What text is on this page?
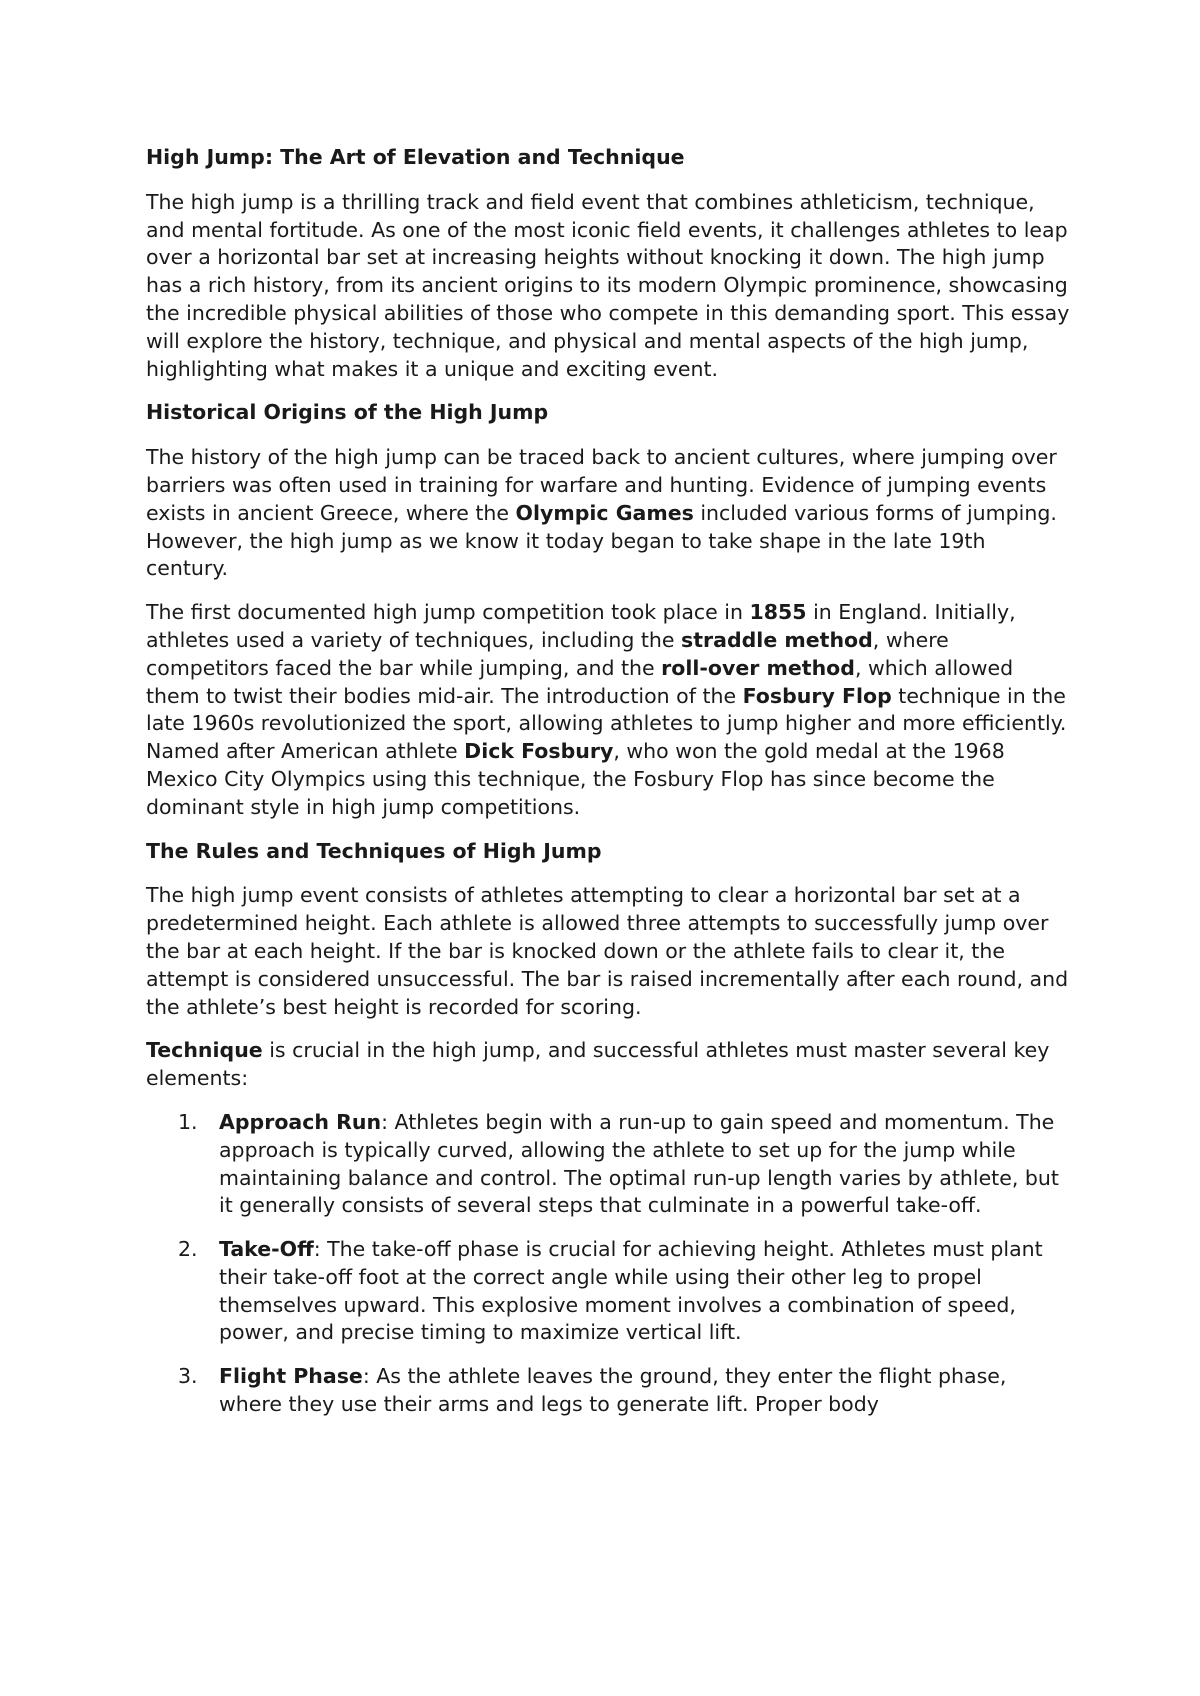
High Jump: The Art of Elevation and Technique

The high jump is a thrilling track and field event that combines athleticism, technique, and mental fortitude. As one of the most iconic field events, it challenges athletes to leap over a horizontal bar set at increasing heights without knocking it down. The high jump has a rich history, from its ancient origins to its modern Olympic prominence, showcasing the incredible physical abilities of those who compete in this demanding sport. This essay will explore the history, technique, and physical and mental aspects of the high jump, highlighting what makes it a unique and exciting event.

Historical Origins of the High Jump

The history of the high jump can be traced back to ancient cultures, where jumping over barriers was often used in training for warfare and hunting. Evidence of jumping events exists in ancient Greece, where the Olympic Games included various forms of jumping. However, the high jump as we know it today began to take shape in the late 19th century.

The first documented high jump competition took place in 1855 in England. Initially, athletes used a variety of techniques, including the straddle method, where competitors faced the bar while jumping, and the roll-over method, which allowed them to twist their bodies mid-air. The introduction of the Fosbury Flop technique in the late 1960s revolutionized the sport, allowing athletes to jump higher and more efficiently. Named after American athlete Dick Fosbury, who won the gold medal at the 1968 Mexico City Olympics using this technique, the Fosbury Flop has since become the dominant style in high jump competitions.

The Rules and Techniques of High Jump

The high jump event consists of athletes attempting to clear a horizontal bar set at a predetermined height. Each athlete is allowed three attempts to successfully jump over the bar at each height. If the bar is knocked down or the athlete fails to clear it, the attempt is considered unsuccessful. The bar is raised incrementally after each round, and the athlete’s best height is recorded for scoring.

Technique is crucial in the high jump, and successful athletes must master several key elements:

1. Approach Run: Athletes begin with a run-up to gain speed and momentum. The approach is typically curved, allowing the athlete to set up for the jump while maintaining balance and control. The optimal run-up length varies by athlete, but it generally consists of several steps that culminate in a powerful take-off.
2. Take-Off: The take-off phase is crucial for achieving height. Athletes must plant their take-off foot at the correct angle while using their other leg to propel themselves upward. This explosive moment involves a combination of speed, power, and precise timing to maximize vertical lift.
3. Flight Phase: As the athlete leaves the ground, they enter the flight phase, where they use their arms and legs to generate lift. Proper body
